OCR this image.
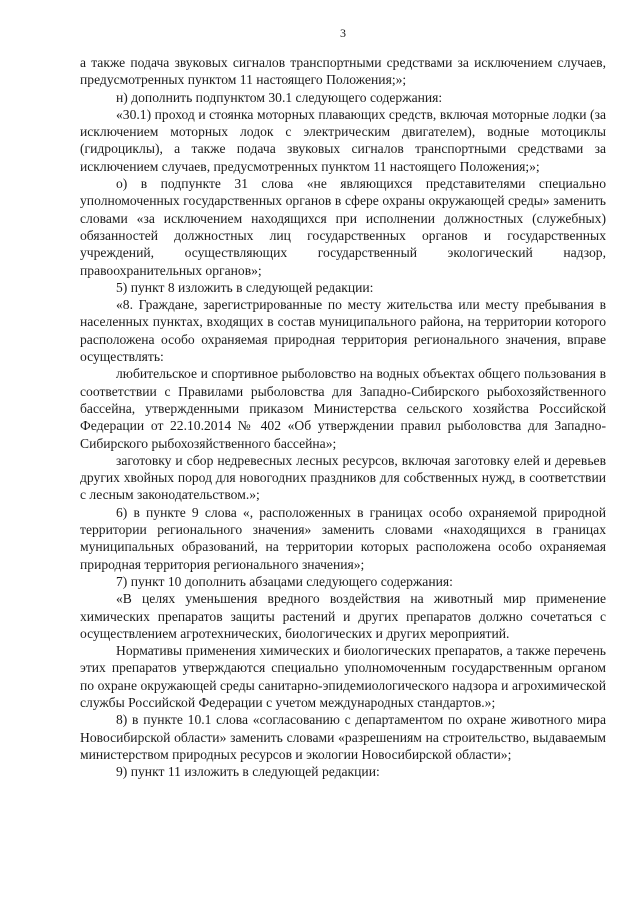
3

а также подача звуковых сигналов транспортными средствами за исключением случаев, предусмотренных пунктом 11 настоящего Положения;»;

н) дополнить подпунктом 30.1 следующего содержания:

«30.1) проход и стоянка моторных плавающих средств, включая моторные лодки (за исключением моторных лодок с электрическим двигателем), водные мотоциклы (гидроциклы), а также подача звуковых сигналов транспортными средствами за исключением случаев, предусмотренных пунктом 11 настоящего Положения;»;

о) в подпункте 31 слова «не являющихся представителями специально уполномоченных государственных органов в сфере охраны окружающей среды» заменить словами «за исключением находящихся при исполнении должностных (служебных) обязанностей должностных лиц государственных органов и государственных учреждений, осуществляющих государственный экологический надзор, правоохранительных органов»;

5) пункт 8 изложить в следующей редакции:

«8. Граждане, зарегистрированные по месту жительства или месту пребывания в населенных пунктах, входящих в состав муниципального района, на территории которого расположена особо охраняемая природная территория регионального значения, вправе осуществлять:

любительское и спортивное рыболовство на водных объектах общего пользования в соответствии с Правилами рыболовства для Западно-Сибирского рыбохозяйственного бассейна, утвержденными приказом Министерства сельского хозяйства Российской Федерации от 22.10.2014 № 402 «Об утверждении правил рыболовства для Западно-Сибирского рыбохозяйственного бассейна»;

заготовку и сбор недревесных лесных ресурсов, включая заготовку елей и деревьев других хвойных пород для новогодних праздников для собственных нужд, в соответствии с лесным законодательством.»;

6) в пункте 9 слова «, расположенных в границах особо охраняемой природной территории регионального значения» заменить словами «находящихся в границах муниципальных образований, на территории которых расположена особо охраняемая природная территория регионального значения»;

7) пункт 10 дополнить абзацами следующего содержания:

«В целях уменьшения вредного воздействия на животный мир применение химических препаратов защиты растений и других препаратов должно сочетаться с осуществлением агротехнических, биологических и других мероприятий.

Нормативы применения химических и биологических препаратов, а также перечень этих препаратов утверждаются специально уполномоченным государственным органом по охране окружающей среды санитарно-эпидемиологического надзора и агрохимической службы Российской Федерации с учетом международных стандартов.»;

8) в пункте 10.1 слова «согласованию с департаментом по охране животного мира Новосибирской области» заменить словами «разрешениям на строительство, выдаваемым министерством природных ресурсов и экологии Новосибирской области»;

9) пункт 11 изложить в следующей редакции:
